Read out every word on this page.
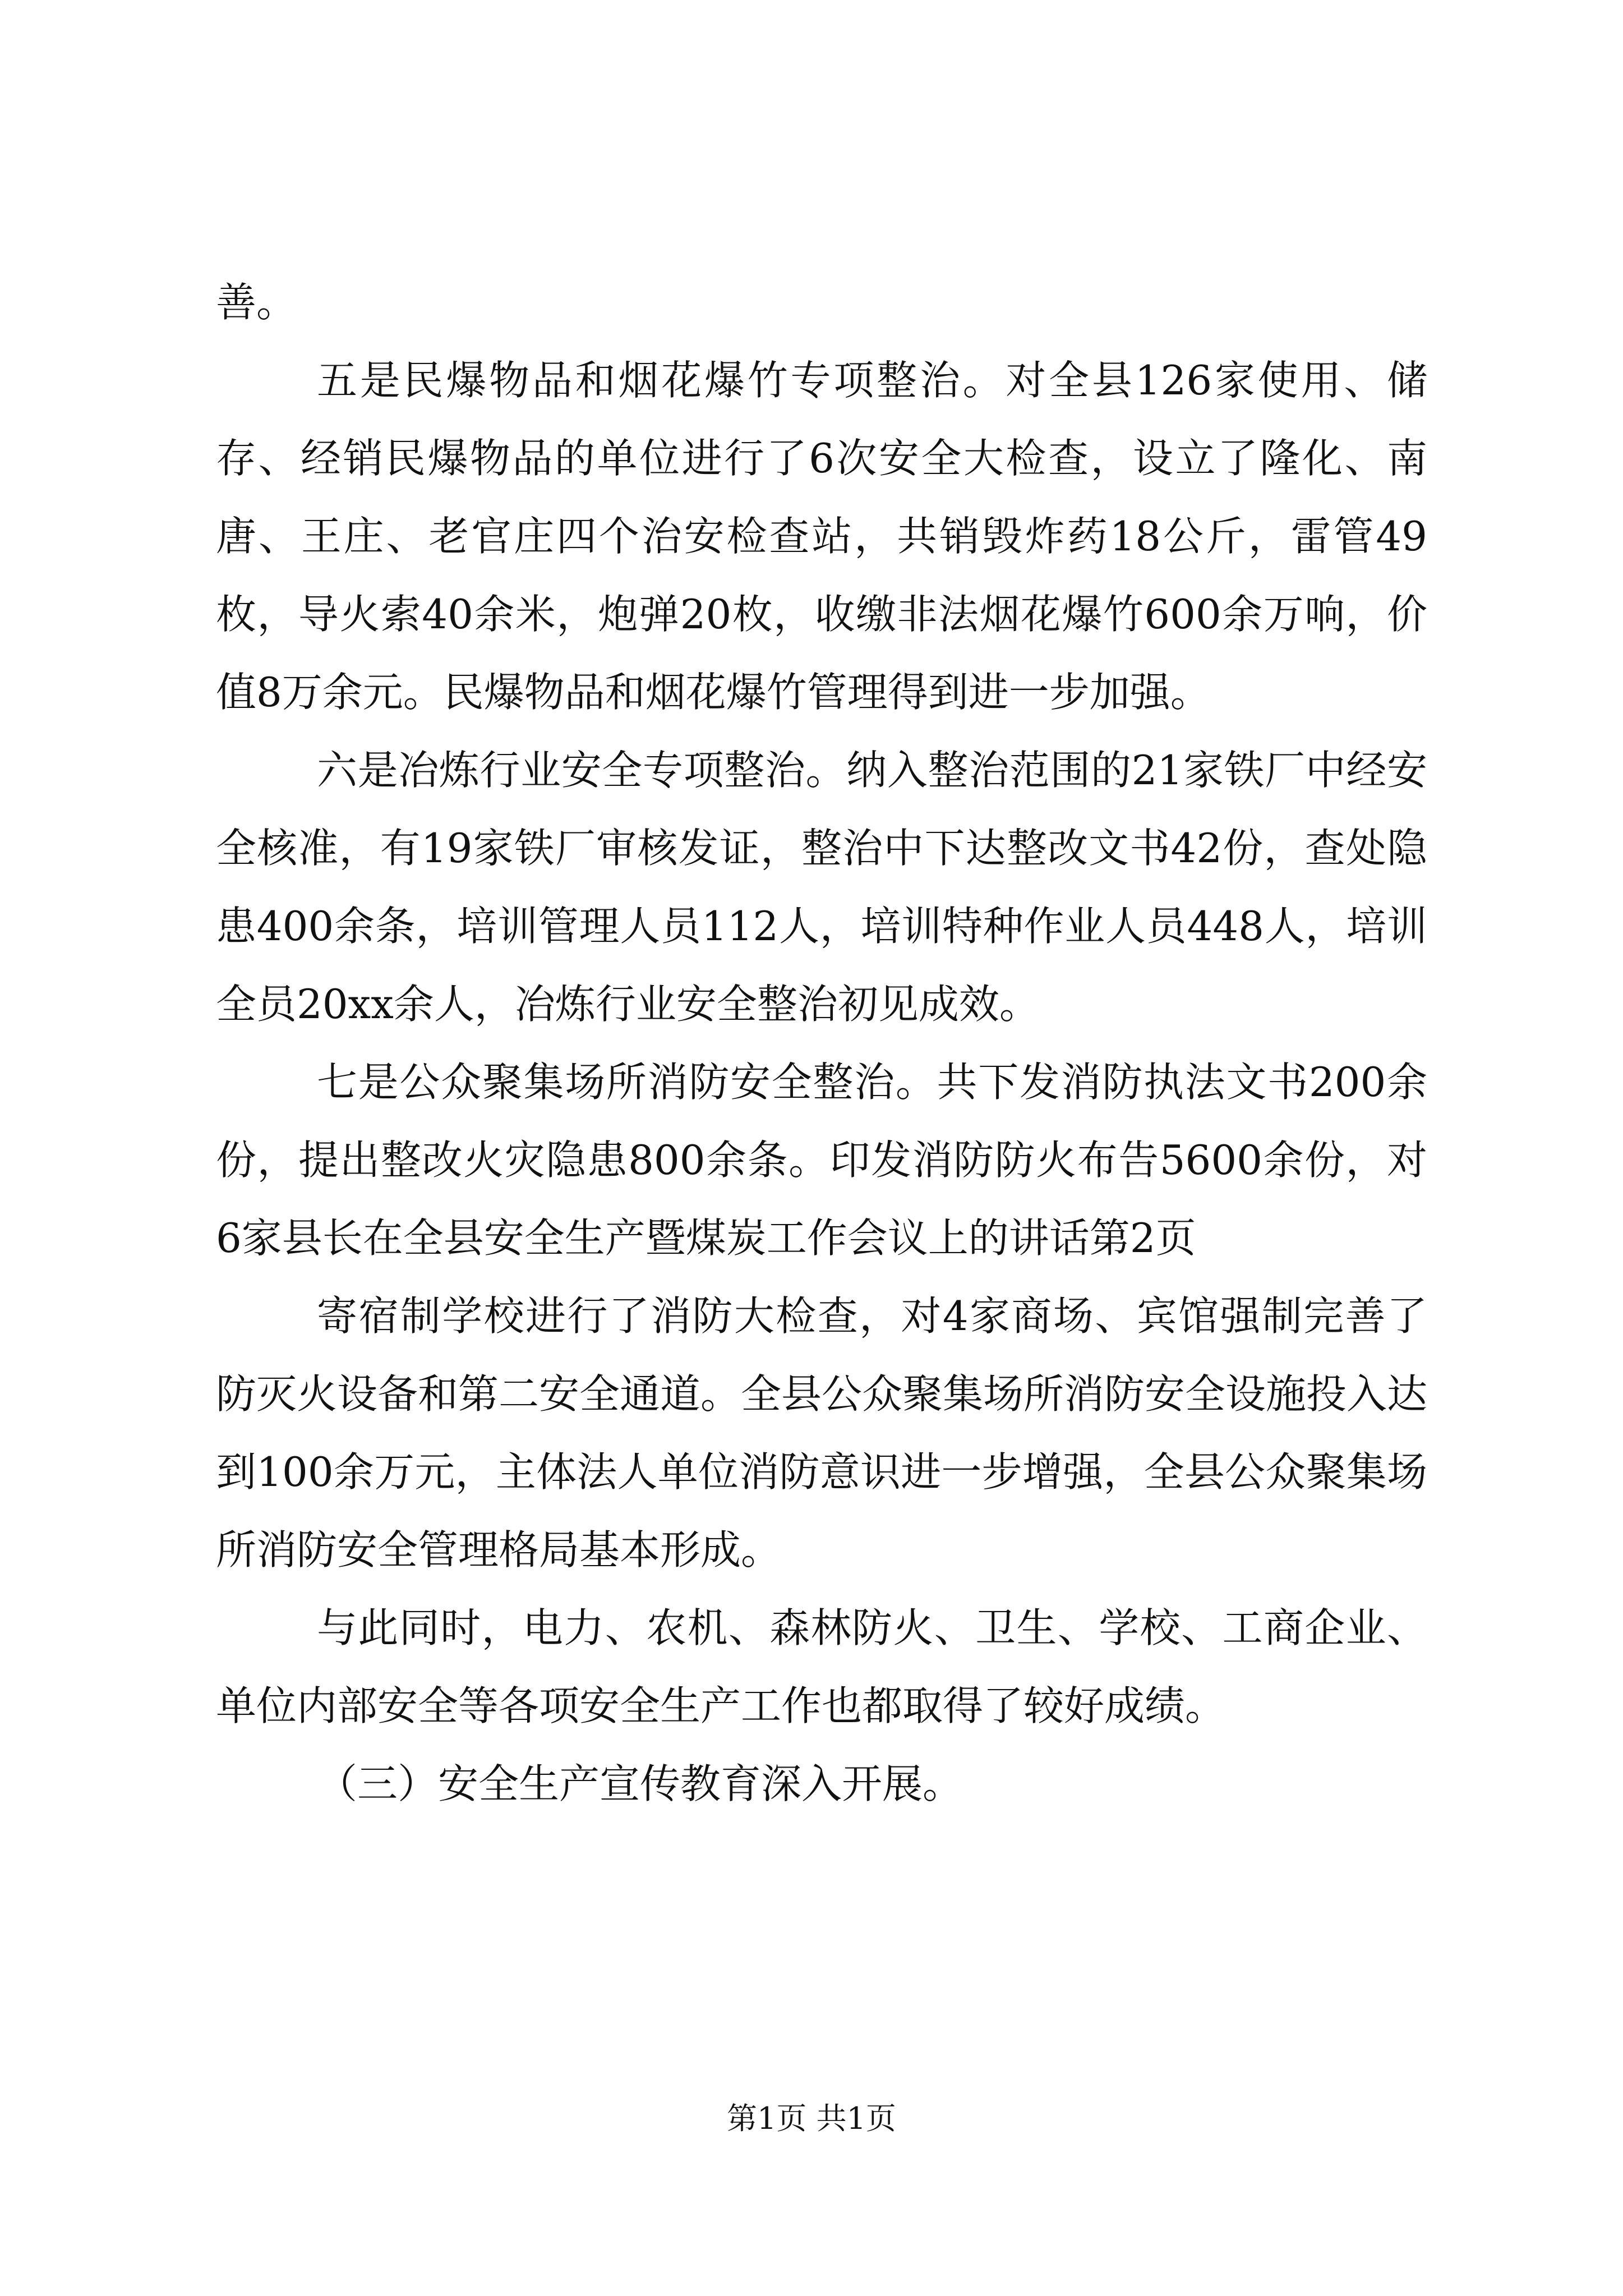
善。

五是民爆物品和烟花爆竹专项整治。对全县126家使用、储存、经销民爆物品的单位进行了6次安全大检查，设立了隆化、南唐、王庄、老官庄四个治安检查站，共销毁炸药18公斤，雷管49枚，导火索40余米，炮弹20枚，收缴非法烟花爆竹600余万响，价值8万余元。民爆物品和烟花爆竹管理得到进一步加强。

六是冶炼行业安全专项整治。纳入整治范围的21家铁厂中经安全核准，有19家铁厂审核发证，整治中下达整改文书42份，查处隐患400余条，培训管理人员112人，培训特种作业人员448人，培训全员20xx余人，冶炼行业安全整治初见成效。

七是公众聚集场所消防安全整治。共下发消防执法文书200余份，提出整改火灾隐患800余条。印发消防防火布告5600余份，对6家县长在全县安全生产暨煤炭工作会议上的讲话第2页

寄宿制学校进行了消防大检查，对4家商场、宾馆强制完善了防灭火设备和第二安全通道。全县公众聚集场所消防安全设施投入达到100余万元，主体法人单位消防意识进一步增强，全县公众聚集场所消防安全管理格局基本形成。

与此同时，电力、农机、森林防火、卫生、学校、工商企业、单位内部安全等各项安全生产工作也都取得了较好成绩。

（三）安全生产宣传教育深入开展。

第1页 共1页
